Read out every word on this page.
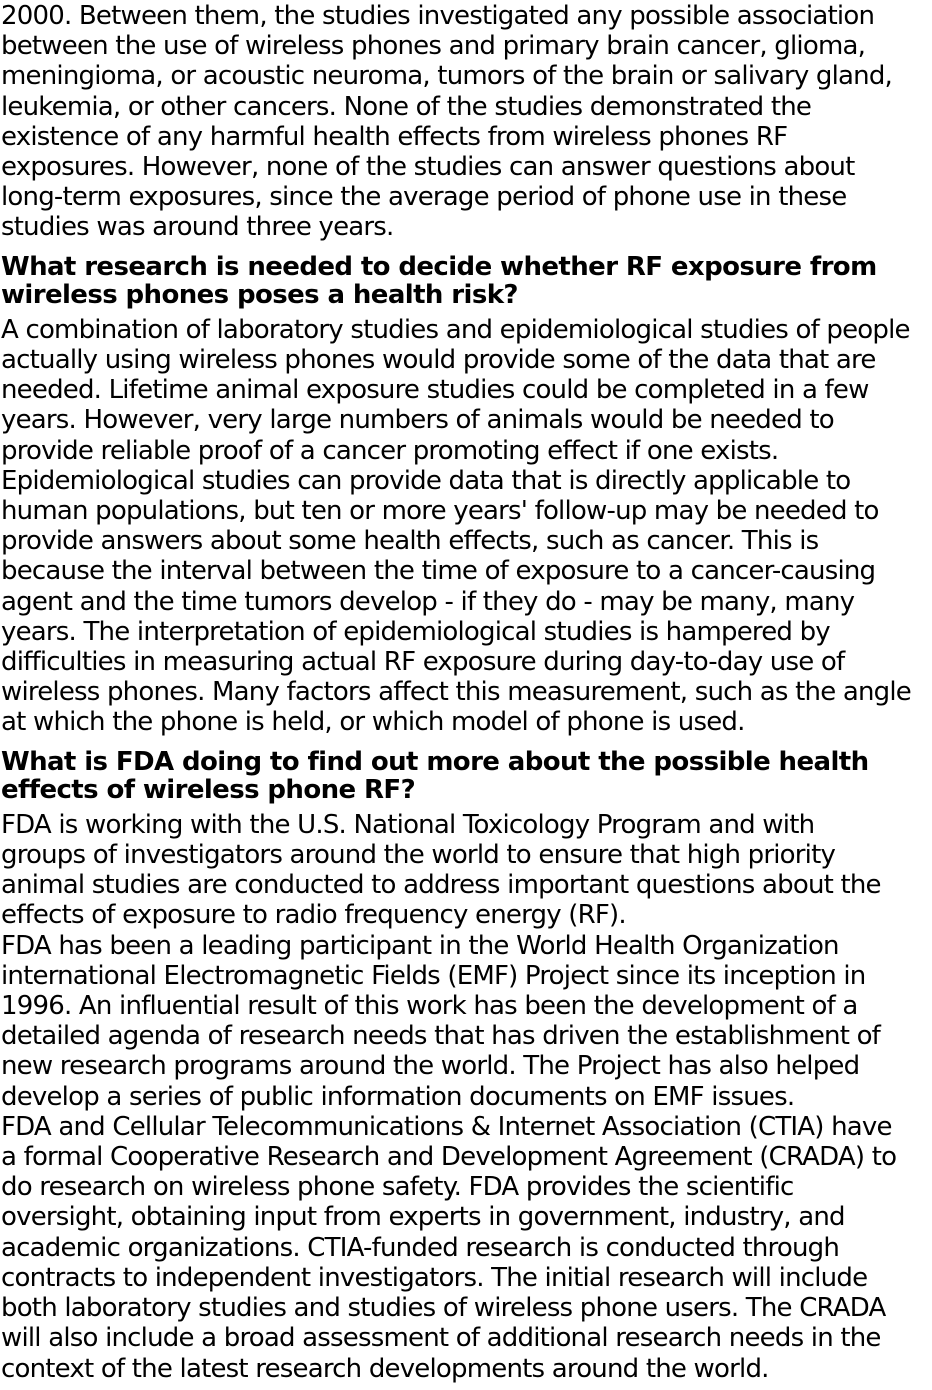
2000. Between them, the studies investigated any possible association
between the use of wireless phones and primary brain cancer, glioma,
meningioma, or acoustic neuroma, tumors of the brain or salivary gland,
leukemia, or other cancers. None of the studies demonstrated the
existence of any harmful health effects from wireless phones RF
exposures. However, none of the studies can answer questions about
long-term exposures, since the average period of phone use in these
studies was around three years.
What research is needed to decide whether RF exposure from
wireless phones poses a health risk?
A combination of laboratory studies and epidemiological studies of people
actually using wireless phones would provide some of the data that are
needed. Lifetime animal exposure studies could be completed in a few
years. However, very large numbers of animals would be needed to
provide reliable proof of a cancer promoting effect if one exists.
Epidemiological studies can provide data that is directly applicable to
human populations, but ten or more years' follow-up may be needed to
provide answers about some health effects, such as cancer. This is
because the interval between the time of exposure to a cancer-causing
agent and the time tumors develop - if they do - may be many, many
years. The interpretation of epidemiological studies is hampered by
difficulties in measuring actual RF exposure during day-to-day use of
wireless phones. Many factors affect this measurement, such as the angle
at which the phone is held, or which model of phone is used.
What is FDA doing to find out more about the possible health
effects of wireless phone RF?
FDA is working with the U.S. National Toxicology Program and with
groups of investigators around the world to ensure that high priority
animal studies are conducted to address important questions about the
effects of exposure to radio frequency energy (RF).
FDA has been a leading participant in the World Health Organization
international Electromagnetic Fields (EMF) Project since its inception in
1996. An influential result of this work has been the development of a
detailed agenda of research needs that has driven the establishment of
new research programs around the world. The Project has also helped
develop a series of public information documents on EMF issues.
FDA and Cellular Telecommunications & Internet Association (CTIA) have
a formal Cooperative Research and Development Agreement (CRADA) to
do research on wireless phone safety. FDA provides the scientific
oversight, obtaining input from experts in government, industry, and
academic organizations. CTIA-funded research is conducted through
contracts to independent investigators. The initial research will include
both laboratory studies and studies of wireless phone users. The CRADA
will also include a broad assessment of additional research needs in the
context of the latest research developments around the world.
